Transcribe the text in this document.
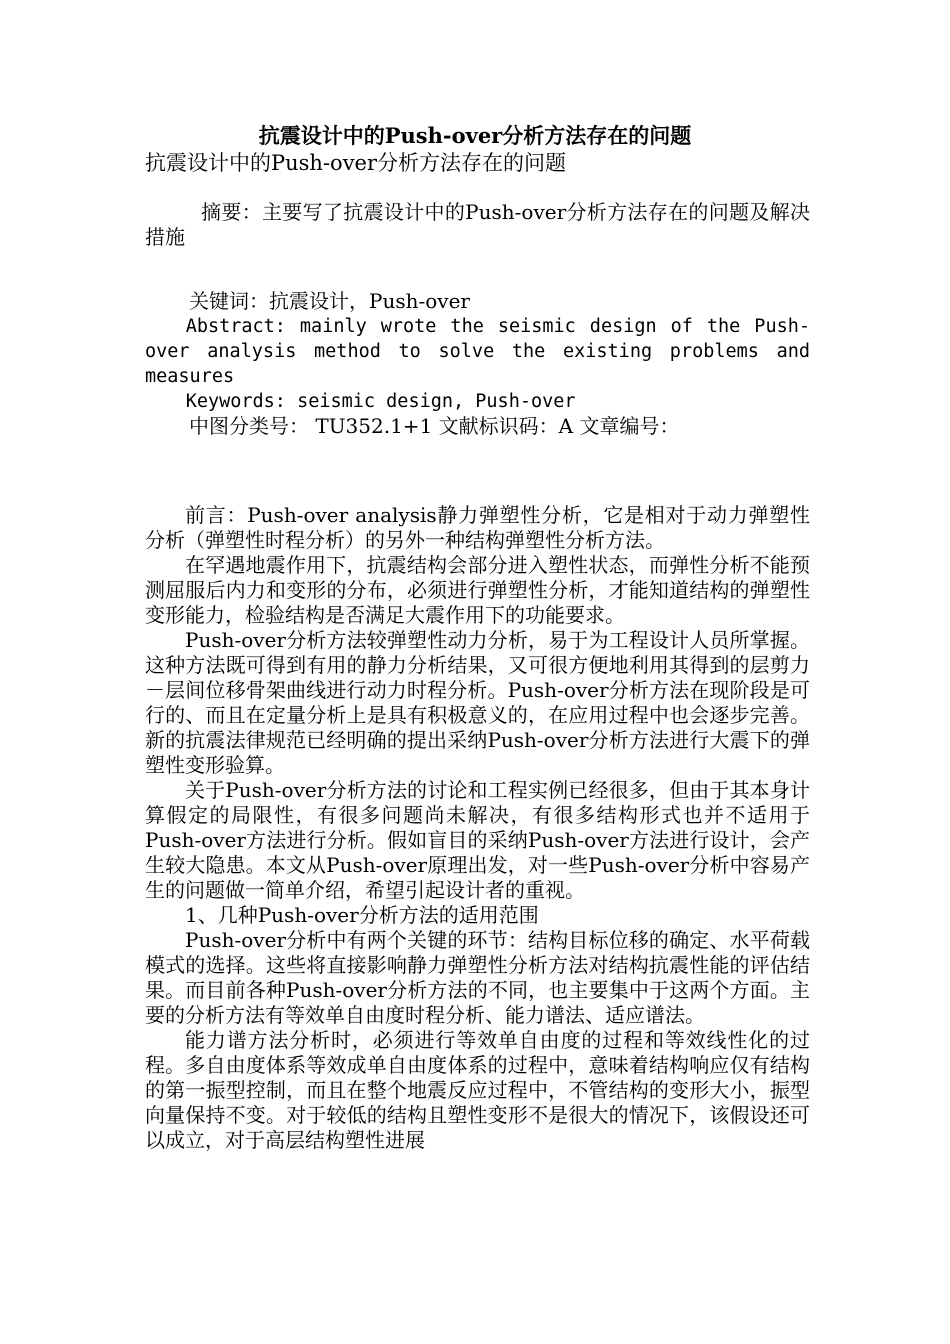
抗震设计中的Push-over分析方法存在的问题
抗震设计中的Push-over分析方法存在的问题

摘要：主要写了抗震设计中的Push-over分析方法存在的问题及解决措施

关键词：抗震设计，Push-over

Abstract: mainly wrote the seismic design of the Push-over analysis method to solve the existing problems and measures

Keywords: seismic design, Push-over

中图分类号： TU352.1+1 文献标识码：A 文章编号：

前言：Push-over analysis静力弹塑性分析，它是相对于动力弹塑性分析（弹塑性时程分析）的另外一种结构弹塑性分析方法。

在罕遇地震作用下，抗震结构会部分进入塑性状态，而弹性分析不能预测屈服后内力和变形的分布，必须进行弹塑性分析，才能知道结构的弹塑性变形能力，检验结构是否满足大震作用下的功能要求。

Push-over分析方法较弹塑性动力分析，易于为工程设计人员所掌握。这种方法既可得到有用的静力分析结果，又可很方便地利用其得到的层剪力－层间位移骨架曲线进行动力时程分析。Push-over分析方法在现阶段是可行的、而且在定量分析上是具有积极意义的，在应用过程中也会逐步完善。新的抗震法律规范已经明确的提出采纳Push-over分析方法进行大震下的弹塑性变形验算。

关于Push-over分析方法的讨论和工程实例已经很多，但由于其本身计算假定的局限性，有很多问题尚未解决，有很多结构形式也并不适用于Push-over方法进行分析。假如盲目的采纳Push-over方法进行设计，会产生较大隐患。本文从Push-over原理出发，对一些Push-over分析中容易产生的问题做一简单介绍，希望引起设计者的重视。

1、几种Push-over分析方法的适用范围

Push-over分析中有两个关键的环节：结构目标位移的确定、水平荷载模式的选择。这些将直接影响静力弹塑性分析方法对结构抗震性能的评估结果。而目前各种Push-over分析方法的不同，也主要集中于这两个方面。主要的分析方法有等效单自由度时程分析、能力谱法、适应谱法。

能力谱方法分析时，必须进行等效单自由度的过程和等效线性化的过程。多自由度体系等效成单自由度体系的过程中，意味着结构响应仅有结构的第一振型控制，而且在整个地震反应过程中，不管结构的变形大小，振型向量保持不变。对于较低的结构且塑性变形不是很大的情况下，该假设还可以成立，对于高层结构塑性进展
